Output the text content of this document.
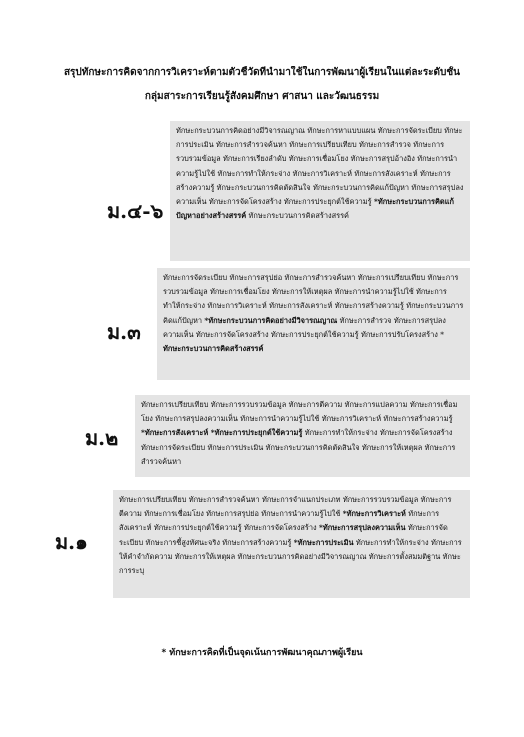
สรุปทักษะการคิดจากการวิเคราะห์ตามตัวชี้วัดที่นำมาใช้ในการพัฒนาผู้เรียนในแต่ละระดับชั้น
กลุ่มสาระการเรียนรู้สังคมศึกษา ศาสนา และวัฒนธรรม
ม.๔-๖

ทักษะกระบวนการคิดอย่างมีวิจารณญาณ ทักษะการหาแบบแผน ทักษะการจัดระเบียบ ทักษะการประเมิน ทักษะการสำรวจค้นหา ทักษะการเปรียบเทียบ ทักษะการสำรวจ ทักษะการรวบรวมข้อมูล ทักษะการเรียงลำดับ ทักษะการเชื่อมโยง ทักษะการสรุปอ้างอิง ทักษะการนำความรู้ไปใช้ ทักษะการทำให้กระจ่าง ทักษะการวิเคราะห์ ทักษะการสังเคราะห์ ทักษะการสร้างความรู้ ทักษะกระบวนการคิดตัดสินใจ ทักษะกระบวนการคิดแก้ปัญหา ทักษะการสรุปลงความเห็น ทักษะการจัดโครงสร้าง ทักษะการประยุกต์ใช้ความรู้ *ทักษะกระบวนการคิดแก้ปัญหาอย่างสร้างสรรค์ ทักษะกระบวนการคิดสร้างสรรค์

ม.๓

ทักษะการจัดระเบียบ ทักษะการสรุปย่อ ทักษะการสำรวจค้นหา ทักษะการเปรียบเทียบ ทักษะการรวบรวมข้อมูล ทักษะการเชื่อมโยง ทักษะการให้เหตุผล ทักษะการนำความรู้ไปใช้ ทักษะการทำให้กระจ่าง ทักษะการวิเคราะห์ ทักษะการสังเคราะห์ ทักษะการสร้างความรู้ ทักษะกระบวนการคิดแก้ปัญหา *ทักษะกระบวนการคิดอย่างมีวิจารณญาณ ทักษะการสำรวจ ทักษะการสรุปลงความเห็น ทักษะการจัดโครงสร้าง ทักษะการประยุกต์ใช้ความรู้ ทักษะการปรับโครงสร้าง * ทักษะกระบวนการคิดสร้างสรรค์

ม.๒

ทักษะการเปรียบเทียบ ทักษะการรวบรวมข้อมูล ทักษะการตีความ ทักษะการแปลความ ทักษะการเชื่อมโยง ทักษะการสรุปลงความเห็น ทักษะการนำความรู้ไปใช้ ทักษะการวิเคราะห์ ทักษะการสร้างความรู้ *ทักษะการสังเคราะห์ *ทักษะการประยุกต์ใช้ความรู้ ทักษะการทำให้กระจ่าง ทักษะการจัดโครงสร้าง ทักษะการจัดระเบียบ ทักษะการประเมิน ทักษะกระบวนการคิดตัดสินใจ ทักษะการให้เหตุผล ทักษะการสำรวจค้นหา

ม.๑

ทักษะการเปรียบเทียบ ทักษะการสำรวจค้นหา ทักษะการจำแนกประเภท ทักษะการรวบรวมข้อมูล ทักษะการตีความ ทักษะการเชื่อมโยง ทักษะการสรุปย่อ ทักษะการนำความรู้ไปใช้ *ทักษะการวิเคราะห์ ทักษะการสังเคราะห์ ทักษะการประยุกต์ใช้ความรู้ ทักษะการจัดโครงสร้าง *ทักษะการสรุปลงความเห็น ทักษะการจัดระเบียบ ทักษะการชี้สูงทัศนะจริง ทักษะการสร้างความรู้ *ทักษะการประเมิน ทักษะการทำให้กระจ่าง ทักษะการให้คำจำกัดความ ทักษะการให้เหตุผล ทักษะกระบวนการคิดอย่างมีวิจารณญาณ ทักษะการตั้งสมมติฐาน ทักษะการระบุ

* ทักษะการคิดที่เป็นจุดเน้นการพัฒนาคุณภาพผู้เรียน
